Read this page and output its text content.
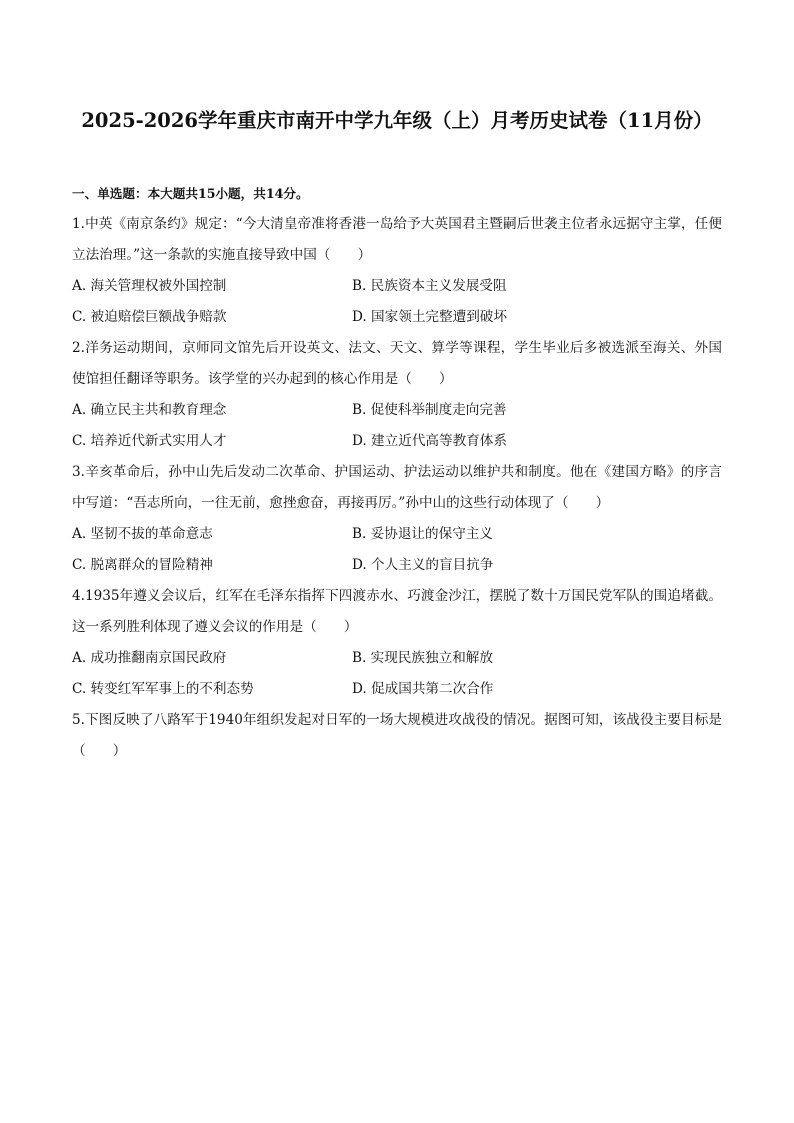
2025-2026学年重庆市南开中学九年级（上）月考历史试卷（11月份）
一、单选题：本大题共15小题，共14分。
1.中英《南京条约》规定：“今大清皇帝准将香港一岛给予大英国君主暨嗣后世袭主位者永远据守主掌，任便立法治理。”这一条款的实施直接导致中国（　　）
A. 海关管理权被外国控制	B. 民族资本主义发展受阻
C. 被迫赔偿巨额战争赔款	D. 国家领土完整遭到破坏
2.洋务运动期间，京师同文馆先后开设英文、法文、天文、算学等课程，学生毕业后多被选派至海关、外国使馆担任翻译等职务。该学堂的兴办起到的核心作用是（　　）
A. 确立民主共和教育理念	B. 促使科举制度走向完善
C. 培养近代新式实用人才	D. 建立近代高等教育体系
3.辛亥革命后，孙中山先后发动二次革命、护国运动、护法运动以维护共和制度。他在《建国方略》的序言中写道：“吾志所向，一往无前，愈挫愈奋，再接再厉。”孙中山的这些行动体现了（　　）
A. 坚韧不拔的革命意志	B. 妥协退让的保守主义
C. 脱离群众的冒险精神	D. 个人主义的盲目抗争
4.1935年遵义会议后，红军在毛泽东指挥下四渡赤水、巧渡金沙江，摆脱了数十万国民党军队的围追堵截。这一系列胜利体现了遵义会议的作用是（　　）
A. 成功推翻南京国民政府	B. 实现民族独立和解放
C. 转变红军军事上的不利态势	D. 促成国共第二次合作
5.下图反映了八路军于1940年组织发起对日军的一场大规模进攻战役的情况。据图可知，该战役主要目标是（　　）
